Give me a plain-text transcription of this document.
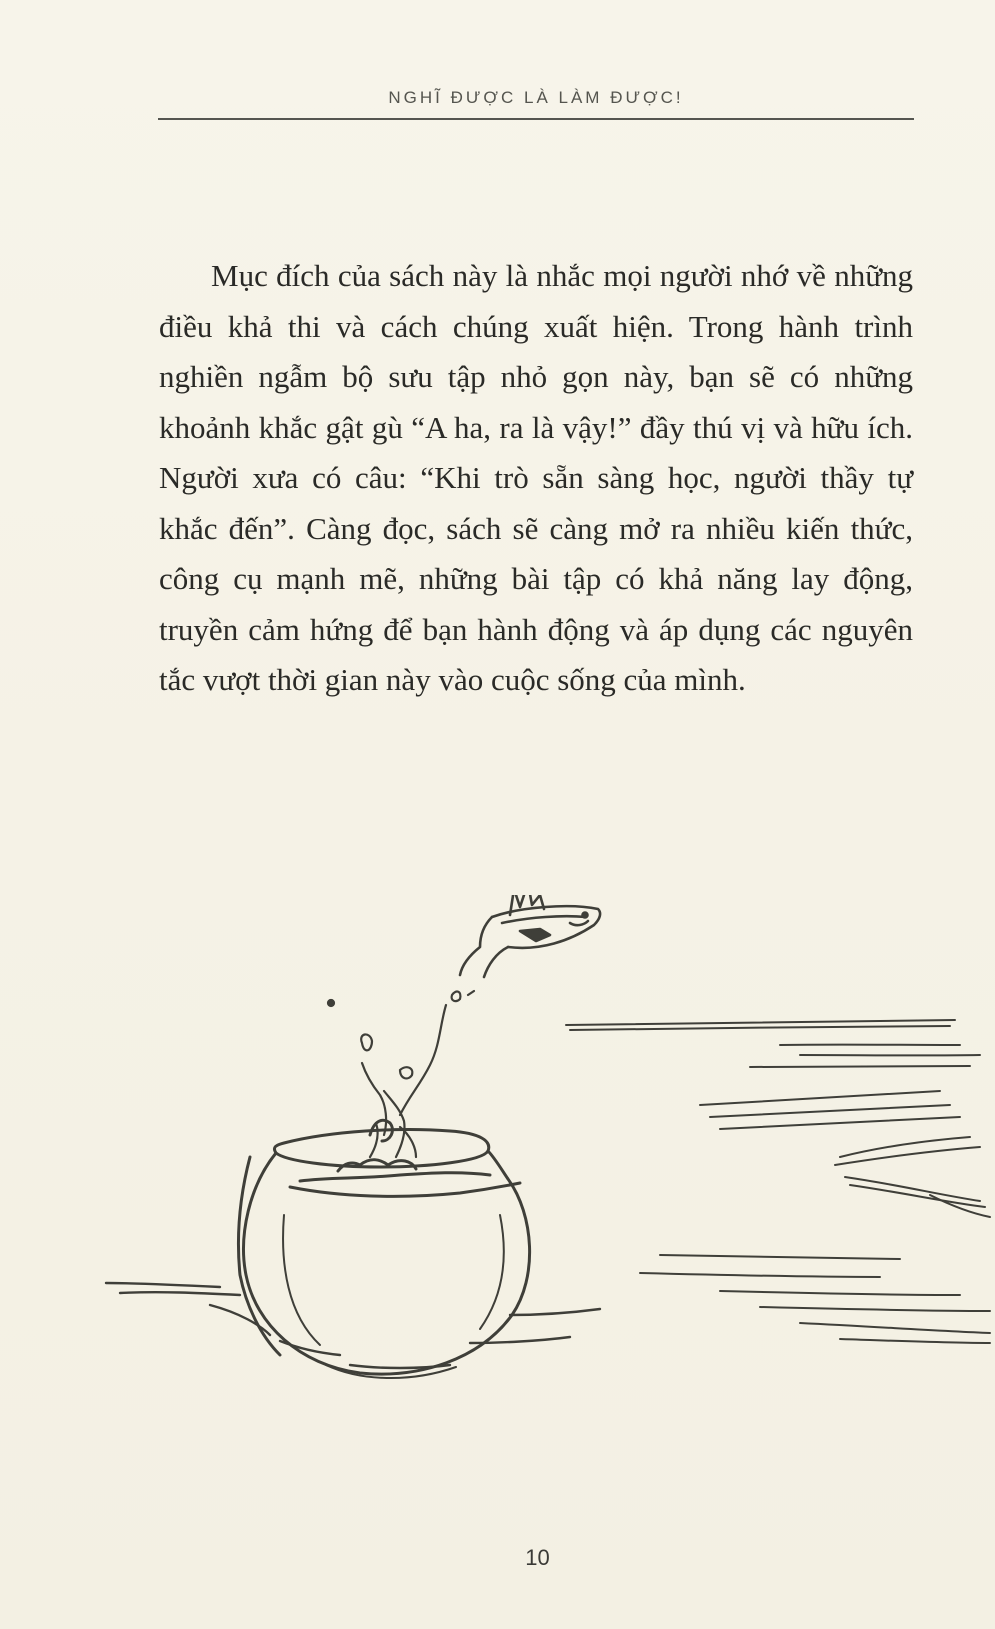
NGHĨ ĐƯỢC LÀ LÀM ĐƯỢC!

Mục đích của sách này là nhắc mọi người nhớ về những điều khả thi và cách chúng xuất hiện. Trong hành trình nghiền ngẫm bộ sưu tập nhỏ gọn này, bạn sẽ có những khoảnh khắc gật gù “A ha, ra là vậy!” đầy thú vị và hữu ích. Người xưa có câu: “Khi trò sẵn sàng học, người thầy tự khắc đến”. Càng đọc, sách sẽ càng mở ra nhiều kiến thức, công cụ mạnh mẽ, những bài tập có khả năng lay động, truyền cảm hứng để bạn hành động và áp dụng các nguyên tắc vượt thời gian này vào cuộc sống của mình.

10
